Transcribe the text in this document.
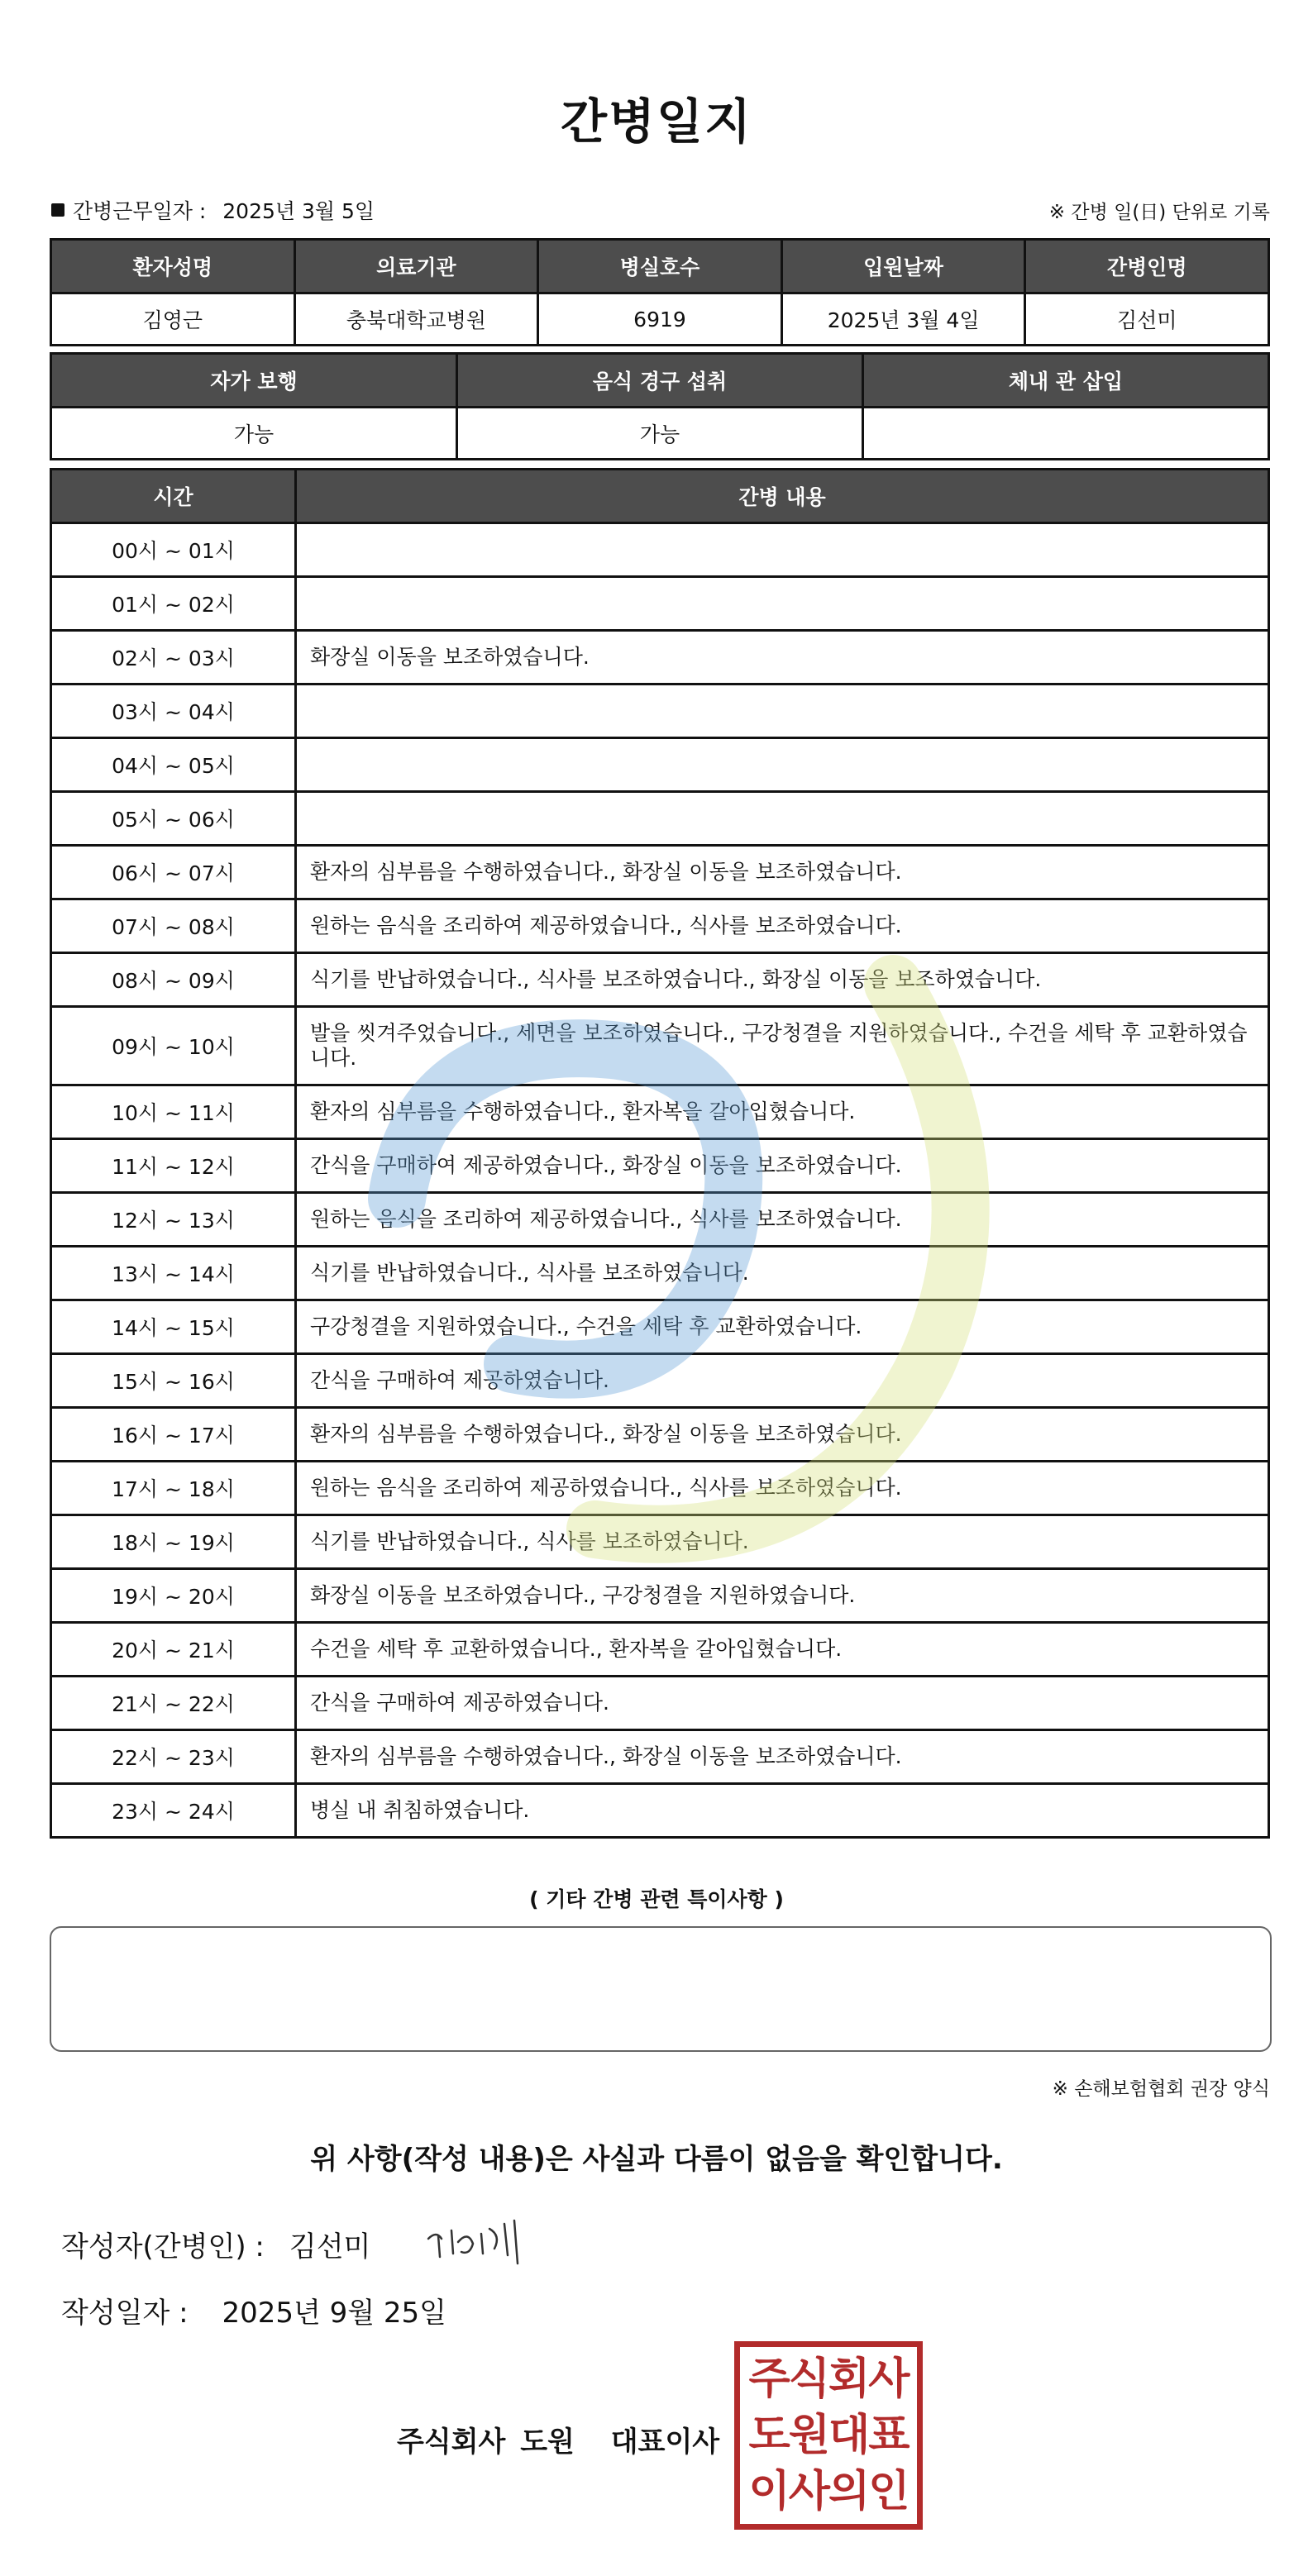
간병일지
간병근무일자 : 2025년 3월 5일	※ 간병 일(日) 단위로 기록
환자성명	의료기관	병실호수	입원날짜	간병인명
김영근	충북대학교병원	6919	2025년 3월 4일	김선미
자가 보행	음식 경구 섭취	체내 관 삽입
가능	가능	
시간	간병 내용
00시 ~ 01시	
01시 ~ 02시	
02시 ~ 03시	화장실 이동을 보조하였습니다.
03시 ~ 04시	
04시 ~ 05시	
05시 ~ 06시	
06시 ~ 07시	환자의 심부름을 수행하였습니다., 화장실 이동을 보조하였습니다.
07시 ~ 08시	원하는 음식을 조리하여 제공하였습니다., 식사를 보조하였습니다.
08시 ~ 09시	식기를 반납하였습니다., 식사를 보조하였습니다., 화장실 이동을 보조하였습니다.
09시 ~ 10시	발을 씻겨주었습니다., 세면을 보조하였습니다., 구강청결을 지원하였습니다., 수건을 세탁 후 교환하였습니다.
10시 ~ 11시	환자의 심부름을 수행하였습니다., 환자복을 갈아입혔습니다.
11시 ~ 12시	간식을 구매하여 제공하였습니다., 화장실 이동을 보조하였습니다.
12시 ~ 13시	원하는 음식을 조리하여 제공하였습니다., 식사를 보조하였습니다.
13시 ~ 14시	식기를 반납하였습니다., 식사를 보조하였습니다.
14시 ~ 15시	구강청결을 지원하였습니다., 수건을 세탁 후 교환하였습니다.
15시 ~ 16시	간식을 구매하여 제공하였습니다.
16시 ~ 17시	환자의 심부름을 수행하였습니다., 화장실 이동을 보조하였습니다.
17시 ~ 18시	원하는 음식을 조리하여 제공하였습니다., 식사를 보조하였습니다.
18시 ~ 19시	식기를 반납하였습니다., 식사를 보조하였습니다.
19시 ~ 20시	화장실 이동을 보조하였습니다., 구강청결을 지원하였습니다.
20시 ~ 21시	수건을 세탁 후 교환하였습니다., 환자복을 갈아입혔습니다.
21시 ~ 22시	간식을 구매하여 제공하였습니다.
22시 ~ 23시	환자의 심부름을 수행하였습니다., 화장실 이동을 보조하였습니다.
23시 ~ 24시	병실 내 취침하였습니다.
( 기타 간병 관련 특이사항 )
※ 손해보험협회 권장 양식
위 사항(작성 내용)은 사실과 다름이 없음을 확인합니다.
작성자(간병인) : 김선미
작성일자 : 2025년 9월 25일
주식회사 도원 대표이사
주식회사
도원대표
이사의인
